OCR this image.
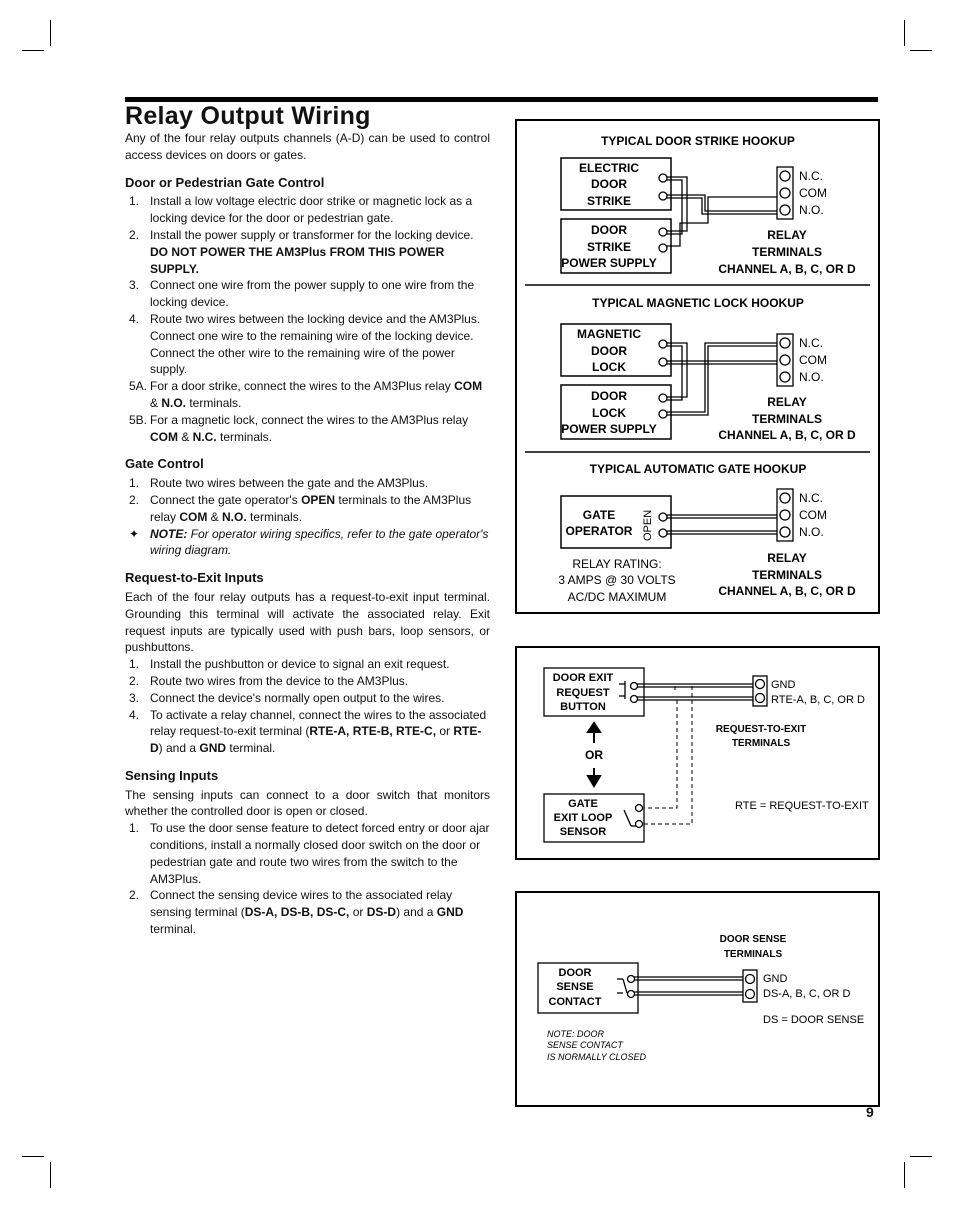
Relay Output Wiring

Any of the four relay outputs channels (A-D) can be used to control access devices on doors or gates.

Door or Pedestrian Gate Control
1. Install a low voltage electric door strike or magnetic lock as a locking device for the door or pedestrian gate.
2. Install the power supply or transformer for the locking device. DO NOT POWER THE AM3Plus FROM THIS POWER SUPPLY.
3. Connect one wire from the power supply to one wire from the locking device.
4. Route two wires between the locking device and the AM3Plus. Connect one wire to the remaining wire of the locking device. Connect the other wire to the remaining wire of the power supply.
5A. For a door strike, connect the wires to the AM3Plus relay COM & N.O. terminals.
5B. For a magnetic lock, connect the wires to the AM3Plus relay COM & N.C. terminals.
Gate Control
1. Route two wires between the gate and the AM3Plus.
2. Connect the gate operator's OPEN terminals to the AM3Plus relay COM & N.O. terminals.
✦ NOTE: For operator wiring specifics, refer to the gate operator's wiring diagram.
Request-to-Exit Inputs

Each of the four relay outputs has a request-to-exit input terminal. Grounding this terminal will activate the associated relay. Exit request inputs are typically used with push bars, loop sensors, or pushbuttons.

1. Install the pushbutton or device to signal an exit request.
2. Route two wires from the device to the AM3Plus.
3. Connect the device's normally open output to the wires.
4. To activate a relay channel, connect the wires to the associated relay request-to-exit terminal (RTE-A, RTE-B, RTE-C, or RTE-D) and a GND terminal.
Sensing Inputs

The sensing inputs can connect to a door switch that monitors whether the controlled door is open or closed.

1. To use the door sense feature to detect forced entry or door ajar conditions, install a normally closed door switch on the door or pedestrian gate and route two wires from the switch to the AM3Plus.
2. Connect the sensing device wires to the associated relay sensing terminal (DS-A, DS-B, DS-C, or DS-D) and a GND terminal.
TYPICAL DOOR STRIKE HOOKUP
TYPICAL MAGNETIC LOCK HOOKUP
TYPICAL AUTOMATIC GATE HOOKUP
ELECTRIC
DOOR
STRIKE
DOOR
STRIKE
POWER SUPPLY
N.C.
COM
N.O.
RELAY
TERMINALS
CHANNEL A, B, C, OR D
MAGNETIC
DOOR
LOCK
DOOR
LOCK
POWER SUPPLY
N.C.
COM
N.O.
RELAY
TERMINALS
CHANNEL A, B, C, OR D
GATE
OPERATOR OPEN
N.C.
COM
N.O.
RELAY RATING:
3 AMPS @ 30 VOLTS
AC/DC MAXIMUM
RELAY
TERMINALS
CHANNEL A, B, C, OR D
DOOR EXIT
REQUEST
BUTTON
GND
RTE-A, B, C, OR D
REQUEST-TO-EXIT
TERMINALS
OR
GATE
EXIT LOOP
SENSOR
RTE = REQUEST-TO-EXIT
DOOR SENSE
TERMINALS
DOOR
SENSE
CONTACT
GND
DS-A, B, C, OR D
DS = DOOR SENSE
NOTE: DOOR
SENSE CONTACT
IS NORMALLY CLOSED
9
